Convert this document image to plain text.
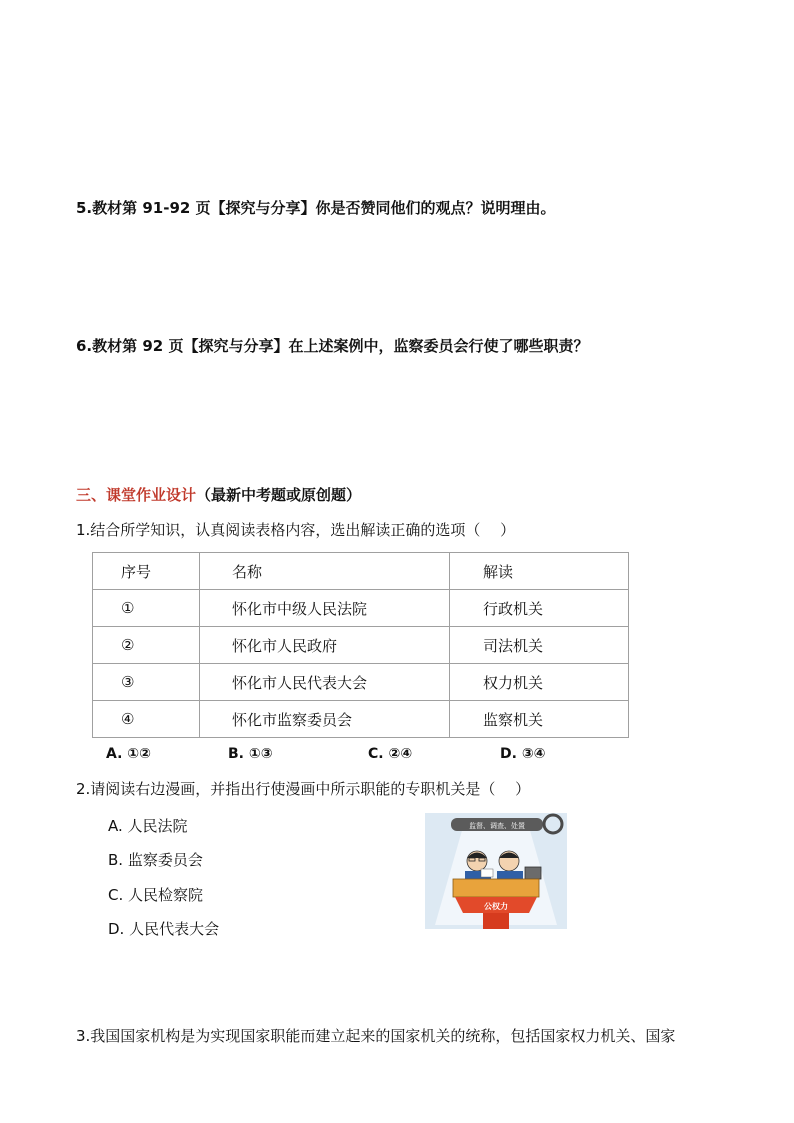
5.教材第 91-92 页【探究与分享】你是否赞同他们的观点？说明理由。
6.教材第 92 页【探究与分享】在上述案例中，监察委员会行使了哪些职责？
三、课堂作业设计（最新中考题或原创题）
1.结合所学知识，认真阅读表格内容，选出解读正确的选项（　 ）
序号	名称	解读
①	怀化市中级人民法院	行政机关
②	怀化市人民政府	司法机关
③	怀化市人民代表大会	权力机关
④	怀化市监察委员会	监察机关
A. ①②	B. ①③	C. ②④	D. ③④
2.请阅读右边漫画，并指出行使漫画中所示职能的专职机关是（　 ）
A. 人民法院
B. 监察委员会
C. 人民检察院
D. 人民代表大会
监督、调查、处置
公权力
3.我国国家机构是为实现国家职能而建立起来的国家机关的统称，包括国家权力机关、国家
